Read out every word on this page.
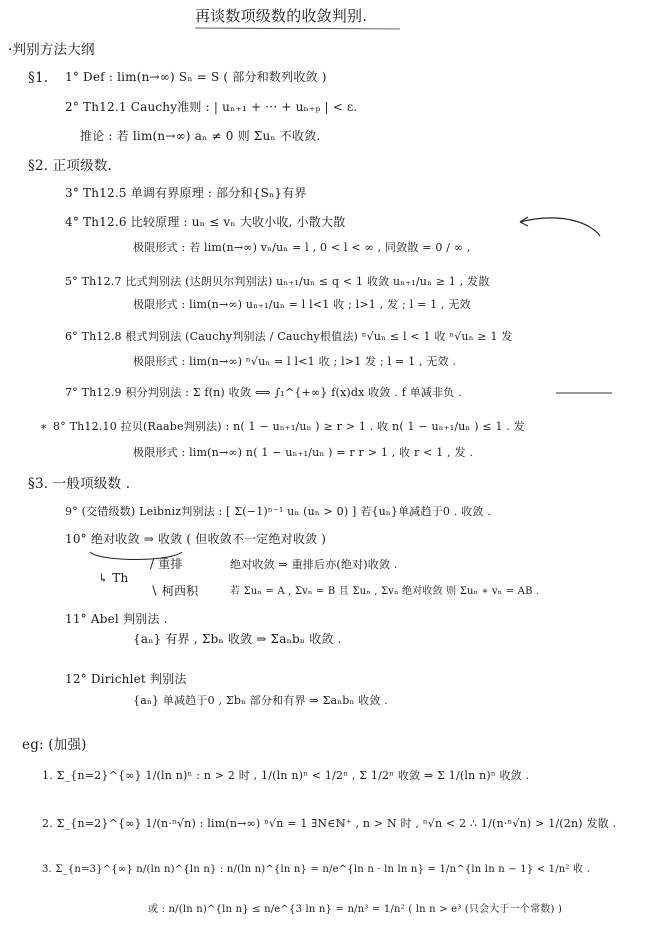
再谈数项级数的收敛判别.
·判别方法大纲
§1. 1° Def : lim(n→∞) Sₙ = S ( 部分和数列收敛 )
2° Th12.1 Cauchy准则 : | uₙ₊₁ + ··· + uₙ₊ₚ | < ε.
推论 : 若 lim(n→∞) aₙ ≠ 0 则 Σuₙ 不收敛.
§2. 正项级数.
3° Th12.5 单调有界原理 : 部分和{Sₙ}有界
4° Th12.6 比较原理 : uₙ ≤ vₙ 大收小收, 小散大散
极限形式 : 若 lim(n→∞) vₙ/uₙ = l , 0 < l < ∞ , 同敛散 = 0 / ∞ ,
5° Th12.7 比式判别法 (达朗贝尔判别法) uₙ₊₁/uₙ ≤ q < 1 收敛 uₙ₊₁/uₙ ≥ 1 , 发散
极限形式 : lim(n→∞) uₙ₊₁/uₙ = l l<1 收 ; l>1 , 发 ; l = 1 , 无效
6° Th12.8 根式判别法 (Cauchy判别法 / Cauchy根值法) ⁿ√uₙ ≤ l < 1 收 ⁿ√uₙ ≥ 1 发
极限形式 : lim(n→∞) ⁿ√uₙ = l l<1 收 ; l>1 发 ; l = 1 , 无效 .
7° Th12.9 积分判别法 : Σ f(n) 收敛 ⟺ ∫₁^{+∞} f(x)dx 收敛 . f 单减非负 .
∗ 8° Th12.10 拉贝(Raabe判别法) : n( 1 − uₙ₊₁/uₙ ) ≥ r > 1 . 收 n( 1 − uₙ₊₁/uₙ ) ≤ 1 . 发
极限形式 : lim(n→∞) n( 1 − uₙ₊₁/uₙ ) = r r > 1 , 收 r < 1 , 发 .
§3. 一般项级数 .
9° (交错级数) Leibniz判别法 : [ Σ(−1)ⁿ⁻¹ uₙ (uₙ > 0) ] 若{uₙ}单减趋于0 . 收敛 .
10° 绝对收敛 ⇒ 收敛 ( 但收敛不一定绝对收敛 )
↳ Th
/ 重排	绝对收敛 ⇒ 重排后亦(绝对)收敛 .
∖ 柯西积	若 Σuₙ = A , Σvₙ = B 且 Σuₙ , Σvₙ 绝对收敛 则 Σuₙ ∗ vₙ = AB .
11° Abel 判别法 .
{aₙ} 有界 , Σbₙ 收敛 ⇒ Σaₙbₙ 收敛 .
12° Dirichlet 判别法
{aₙ} 单减趋于0 , Σbₙ 部分和有界 ⇒ Σaₙbₙ 收敛 .
eg: (加强)
1. Σ_{n=2}^{∞} 1/(ln n)ⁿ : n > 2 时 , 1/(ln n)ⁿ < 1/2ⁿ , Σ 1/2ⁿ 收敛 ⇒ Σ 1/(ln n)ⁿ 收敛 .
2. Σ_{n=2}^{∞} 1/(n·ⁿ√n) : lim(n→∞) ⁿ√n = 1 ∃N∈ℕ⁺ , n > N 时 , ⁿ√n < 2 ∴ 1/(n·ⁿ√n) > 1/(2n) 发散 .
3. Σ_{n=3}^{∞} n/(ln n)^{ln n} : n/(ln n)^{ln n} = n/e^{ln n · ln ln n} = 1/n^{ln ln n − 1} < 1/n² 收 .
或 : n/(ln n)^{ln n} ≤ n/e^{3 ln n} = n/n³ = 1/n² ( ln n > e³ (只会大于一个常数) )
